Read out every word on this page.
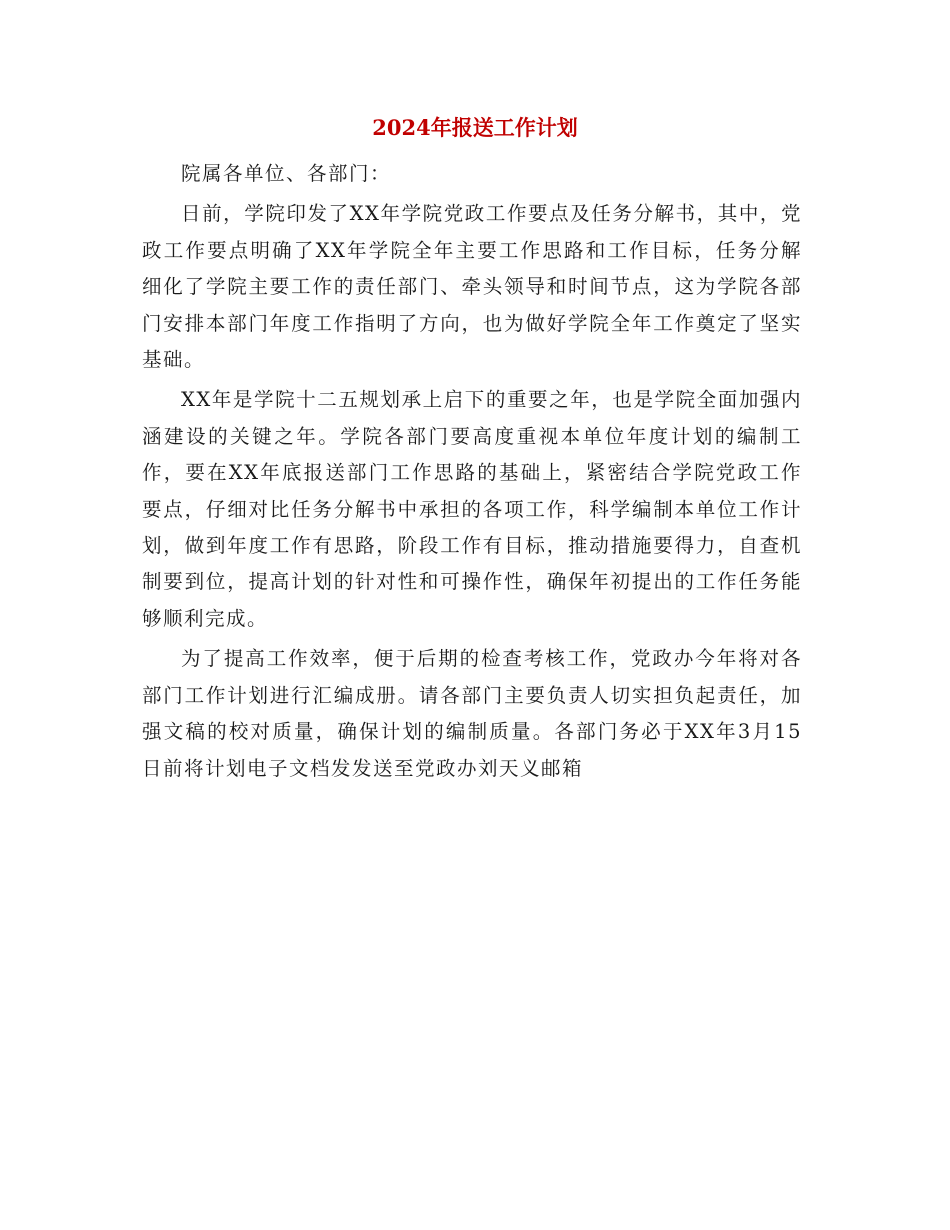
2024年报送工作计划

院属各单位、各部门：

日前，学院印发了XX年学院党政工作要点及任务分解书，其中，党政工作要点明确了XX年学院全年主要工作思路和工作目标，任务分解细化了学院主要工作的责任部门、牵头领导和时间节点，这为学院各部门安排本部门年度工作指明了方向，也为做好学院全年工作奠定了坚实基础。

XX年是学院十二五规划承上启下的重要之年，也是学院全面加强内涵建设的关键之年。学院各部门要高度重视本单位年度计划的编制工作，要在XX年底报送部门工作思路的基础上，紧密结合学院党政工作要点，仔细对比任务分解书中承担的各项工作，科学编制本单位工作计划，做到年度工作有思路，阶段工作有目标，推动措施要得力，自查机制要到位，提高计划的针对性和可操作性，确保年初提出的工作任务能够顺利完成。

为了提高工作效率，便于后期的检查考核工作，党政办今年将对各部门工作计划进行汇编成册。请各部门主要负责人切实担负起责任，加强文稿的校对质量，确保计划的编制质量。各部门务必于XX年3月15日前将计划电子文档发发送至党政办刘天义邮箱
